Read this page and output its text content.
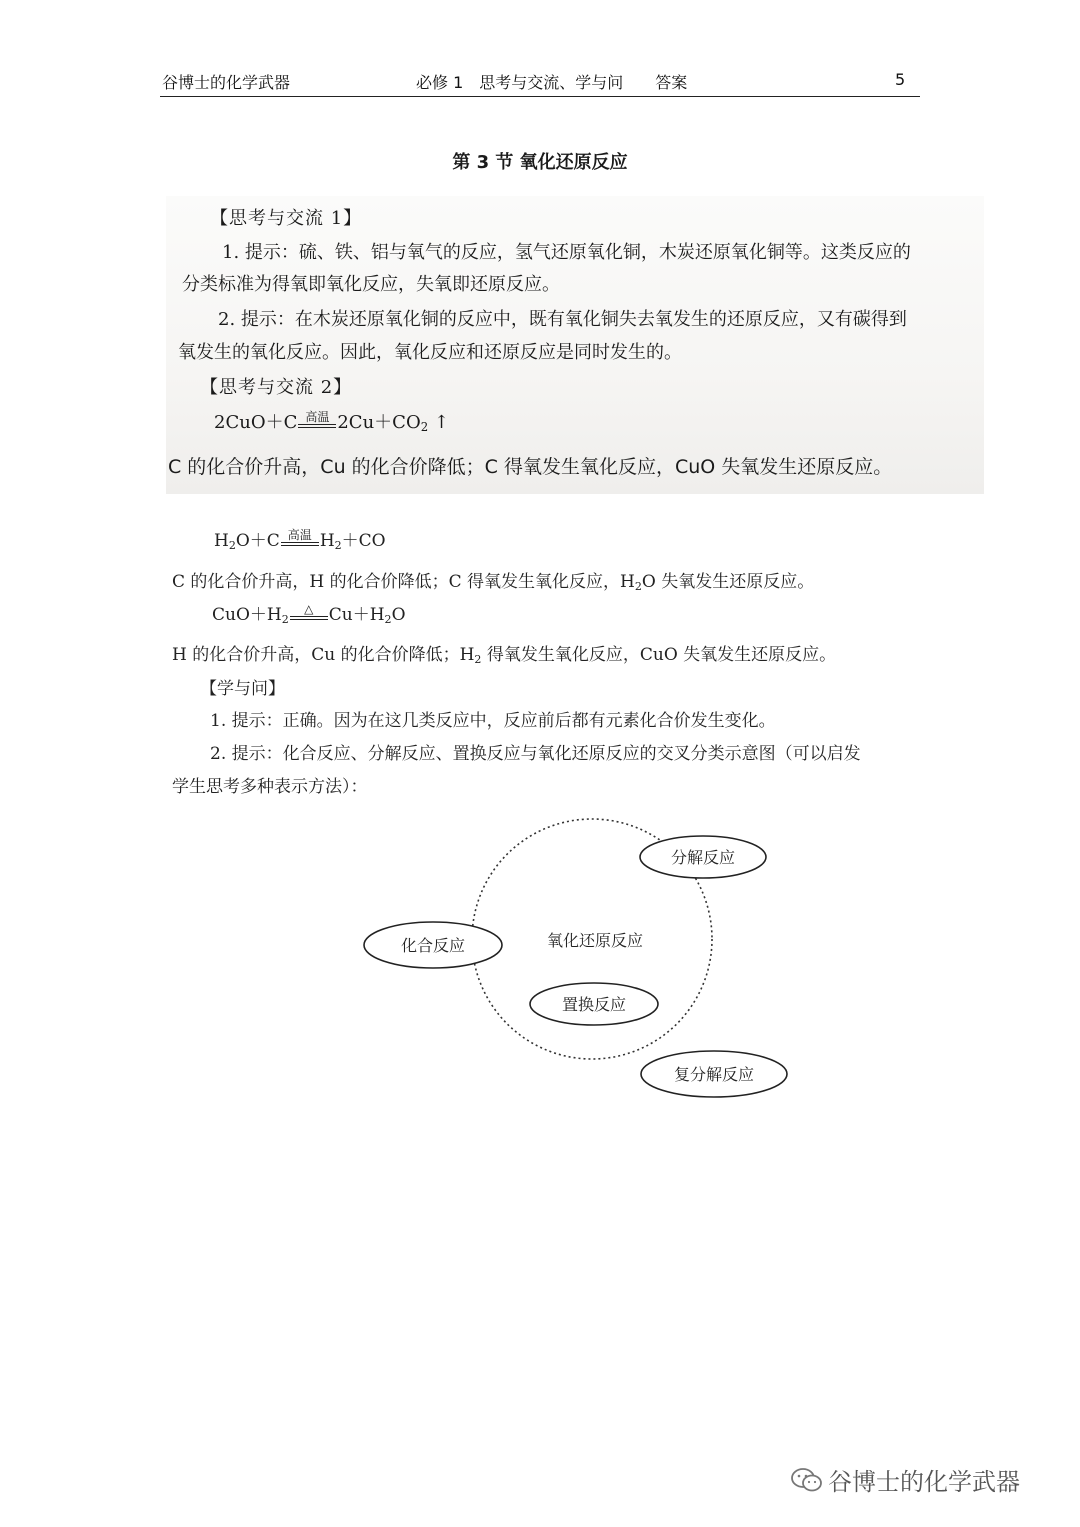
谷博士的化学武器	必修 1　思考与交流、学与问　　答案	5
第 3 节 氧化还原反应
【思考与交流 1】
1. 提示：硫、铁、铝与氧气的反应，氢气还原氧化铜，木炭还原氧化铜等。这类反应的
分类标准为得氧即氧化反应，失氧即还原反应。
2. 提示：在木炭还原氧化铜的反应中，既有氧化铜失去氧发生的还原反应，又有碳得到
氧发生的氧化反应。因此，氧化反应和还原反应是同时发生的。
【思考与交流 2】
2CuO＋C 高温 $2Cu+CO_2$ ↑
C 的化合价升高，Cu 的化合价降低；C 得氧发生氧化反应，CuO 失氧发生还原反应。
$H_2O+C$ 高温 $H_2+CO$
C 的化合价升高，H 的化合价降低；C 得氧发生氧化反应，$H_2O$ 失氧发生还原反应。
$CuO+H_2$
△ $Cu+H_2O$
H 的化合价升高，Cu 的化合价降低；$H_2$ 得氧发生氧化反应，CuO 失氧发生还原反应。
【学与问】
1. 提示：正确。因为在这几类反应中，反应前后都有元素化合价发生变化。
2. 提示：化合反应、分解反应、置换反应与氧化还原反应的交叉分类示意图（可以启发
学生思考多种表示方法）：
氧化还原反应
分解反应
化合反应
置换反应
复分解反应
谷博士的化学武器
